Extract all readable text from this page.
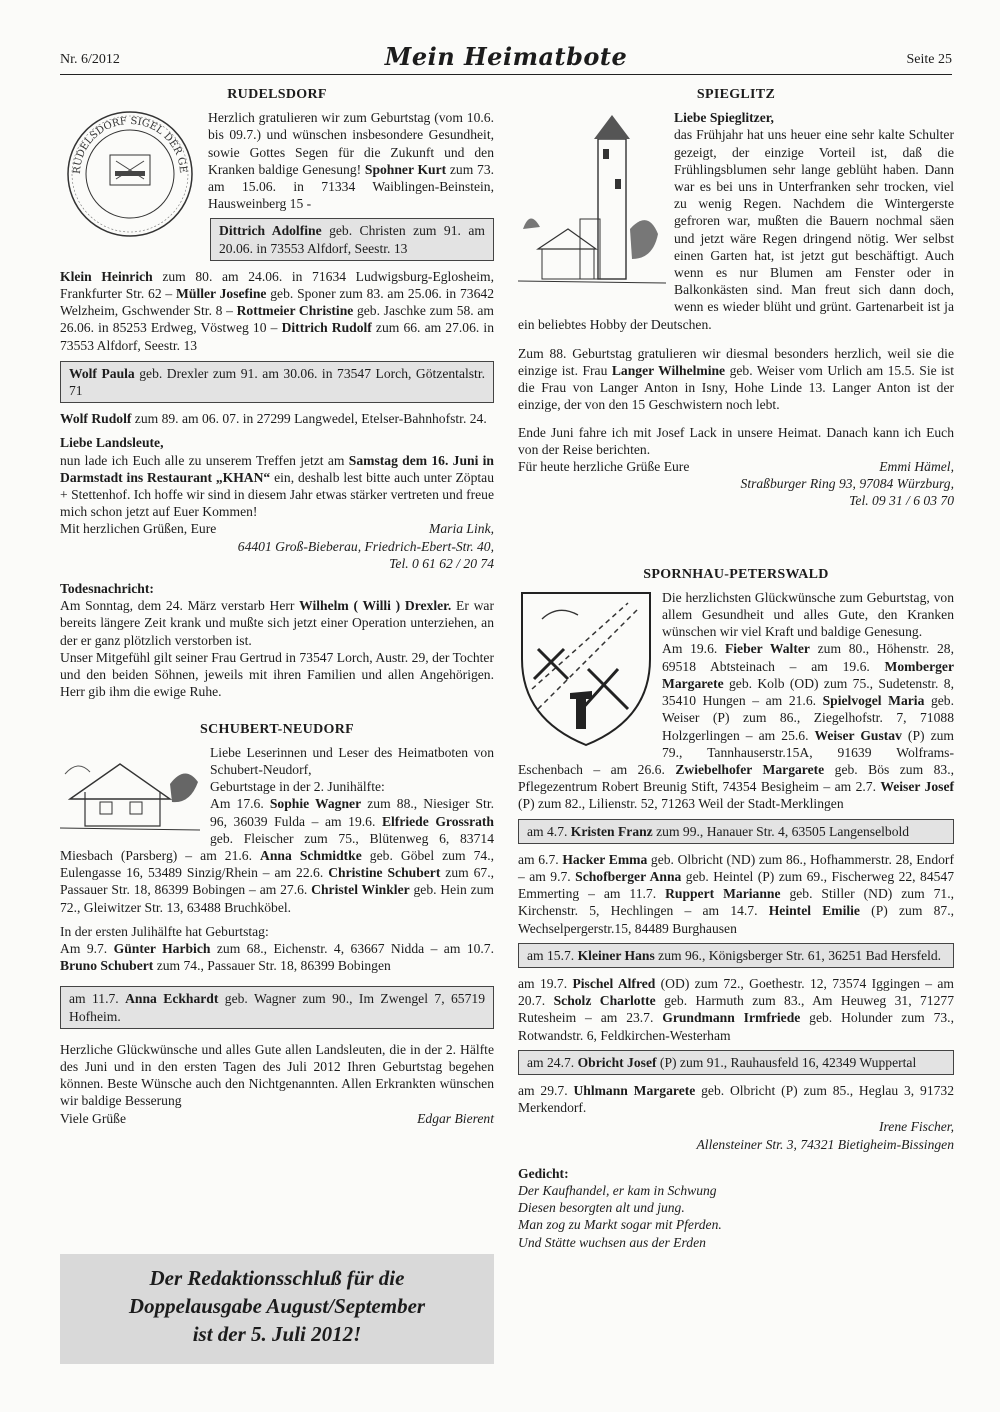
Nr. 6/2012	Mein Heimatbote	Seite 25
RUDELSDORF
RUDELSDORF SIGEL DER GE

Herzlich gratulieren wir zum Geburtstag (vom 10.6. bis 09.7.) und wünschen insbesondere Gesundheit, sowie Gottes Segen für die Zukunft und den Kranken baldige Genesung! Spohner Kurt zum 73. am 15.06. in 71334 Waiblingen-Beinstein, Hausweinberg 15 -

Dittrich Adolfine geb. Christen zum 91. am 20.06. in 73553 Alfdorf, Seestr. 13

Klein Heinrich zum 80. am 24.06. in 71634 Ludwigsburg-Eglosheim, Frankfurter Str. 62 – Müller Josefine geb. Sponer zum 83. am 25.06. in 73642 Welzheim, Gschwender Str. 8 – Rottmeier Christine geb. Jaschke zum 58. am 26.06. in 85253 Erdweg, Vöstweg 10 – Dittrich Rudolf zum 66. am 27.06. in 73553 Alfdorf, Seestr. 13

Wolf Paula geb. Drexler zum 91. am 30.06. in 73547 Lorch, Götzentalstr. 71

Wolf Rudolf zum 89. am 06. 07. in 27299 Langwedel, Etelser-Bahnhofstr. 24.

Liebe Landsleute,

nun lade ich Euch alle zu unserem Treffen jetzt am Samstag dem 16. Juni in Darmstadt ins Restaurant „KHAN“ ein, deshalb lest bitte auch unter Zöptau + Stettenhof. Ich hoffe wir sind in diesem Jahr etwas stärker vertreten und freue mich schon jetzt auf Euer Kommen!

Mit herzlichen Grüßen, Eure	Maria Link,
64401 Groß-Bieberau, Friedrich-Ebert-Str. 40,
Tel. 0 61 62 / 20 74
Todesnachricht:

Am Sonntag, dem 24. März verstarb Herr Wilhelm ( Willi ) Drexler. Er war bereits längere Zeit krank und mußte sich jetzt einer Operation unterziehen, an der er ganz plötzlich verstorben ist.

Unser Mitgefühl gilt seiner Frau Gertrud in 73547 Lorch, Austr. 29, der Tochter und den beiden Söhnen, jeweils mit ihren Familien und allen Angehörigen. Herr gib ihm die ewige Ruhe.

SCHUBERT-NEUDORF
Liebe Leserinnen und Leser des Heimatboten von Schubert-Neudorf,
Geburtstage in der 2. Junihälfte:

Am 17.6. Sophie Wagner zum 88., Niesiger Str. 96, 36039 Fulda – am 19.6. Elfriede Grossrath geb. Fleischer zum 75., Blütenweg 6, 83714 Miesbach (Parsberg) – am 21.6. Anna Schmidtke geb. Göbel zum 74., Eulengasse 16, 53489 Sinzig/Rhein – am 22.6. Christine Schubert zum 67., Passauer Str. 18, 86399 Bobingen – am 27.6. Christel Winkler geb. Hein zum 72., Gleiwitzer Str. 13, 63488 Bruchköbel.

In der ersten Julihälfte hat Geburtstag:

Am 9.7. Günter Harbich zum 68., Eichenstr. 4, 63667 Nidda – am 10.7. Bruno Schubert zum 74., Passauer Str. 18, 86399 Bobingen

am 11.7. Anna Eckhardt geb. Wagner zum 90., Im Zwengel 7, 65719 Hofheim.

Herzliche Glückwünsche und alles Gute allen Landsleuten, die in der 2. Hälfte des Juni und in den ersten Tagen des Juli 2012 Ihren Geburtstag begehen können. Beste Wünsche auch den Nichtgenannten. Allen Erkrankten wünschen wir baldige Besserung

Viele Grüße	Edgar Bierent
Der Redaktionsschluß für die
Doppelausgabe August/September
ist der 5. Juli 2012!
SPIEGLITZ
Liebe Spieglitzer,

das Frühjahr hat uns heuer eine sehr kalte Schulter gezeigt, der einzige Vorteil ist, daß die Frühlingsblumen sehr lange geblüht haben. Dann war es bei uns in Unterfranken sehr trocken, viel zu wenig Regen. Nachdem die Wintergerste gefroren war, mußten die Bauern nochmal säen und jetzt wäre Regen dringend nötig. Wer selbst einen Garten hat, ist jetzt gut beschäftigt. Auch wenn es nur Blumen am Fenster oder in Balkonkästen sind. Man freut sich dann doch, wenn es wieder blüht und grünt. Gartenarbeit ist ja ein beliebtes Hobby der Deutschen.

Zum 88. Geburtstag gratulieren wir diesmal besonders herzlich, weil sie die einzige ist. Frau Langer Wilhelmine geb. Weiser vom Urlich am 15.5. Sie ist die Frau von Langer Anton in Isny, Hohe Linde 13. Langer Anton ist der einzige, der von den 15 Geschwistern noch lebt.

Ende Juni fahre ich mit Josef Lack in unsere Heimat. Danach kann ich Euch von der Reise berichten.

Für heute herzliche Grüße Eure	Emmi Hämel,
Straßburger Ring 93, 97084 Würzburg,
Tel. 09 31 / 6 03 70
SPORNHAU-PETERSWALD
Die herzlichsten Glückwünsche zum Geburtstag, von allem Gesundheit und alles Gute, den Kranken wünschen wir viel Kraft und baldige Genesung.

Am 19.6. Fieber Walter zum 80., Höhenstr. 28, 69518 Abtsteinach – am 19.6. Momberger Margarete geb. Kolb (OD) zum 75., Sudetenstr. 8, 35410 Hungen – am 21.6. Spielvogel Maria geb. Weiser (P) zum 86., Ziegelhofstr. 7, 71088 Holzgerlingen – am 25.6. Weiser Gustav (P) zum 79., Tannhauserstr.15A, 91639 Wolframs-Eschenbach – am 26.6. Zwiebelhofer Margarete geb. Bös zum 83., Pflegezentrum Robert Breunig Stift, 74354 Besigheim – am 2.7. Weiser Josef (P) zum 82., Lilienstr. 52, 71263 Weil der Stadt-Merklingen

am 4.7. Kristen Franz zum 99., Hanauer Str. 4, 63505 Langenselbold

am 6.7. Hacker Emma geb. Olbricht (ND) zum 86., Hofhammerstr. 28, Endorf – am 9.7. Schofberger Anna geb. Heintel (P) zum 69., Fischerweg 22, 84547 Emmerting – am 11.7. Ruppert Marianne geb. Stiller (ND) zum 71., Kirchenstr. 5, Hechlingen – am 14.7. Heintel Emilie (P) zum 87., Wechselpergerstr.15, 84489 Burghausen

am 15.7. Kleiner Hans zum 96., Königsberger Str. 61, 36251 Bad Hersfeld.

am 19.7. Pischel Alfred (OD) zum 72., Goethestr. 12, 73574 Iggingen – am 20.7. Scholz Charlotte geb. Harmuth zum 83., Am Heuweg 31, 71277 Rutesheim – am 23.7. Grundmann Irmfriede geb. Holunder zum 73., Rotwandstr. 6, Feldkirchen-Westerham

am 24.7. Obricht Josef (P) zum 91., Rauhausfeld 16, 42349 Wuppertal

am 29.7. Uhlmann Margarete geb. Olbricht (P) zum 85., Heglau 3, 91732 Merkendorf.

Irene Fischer,
Allensteiner Str. 3, 74321 Bietigheim-Bissingen
Gedicht:
Der Kaufhandel, er kam in Schwung
Diesen besorgten alt und jung.
Man zog zu Markt sogar mit Pferden.
Und Stätte wuchsen aus der Erden
